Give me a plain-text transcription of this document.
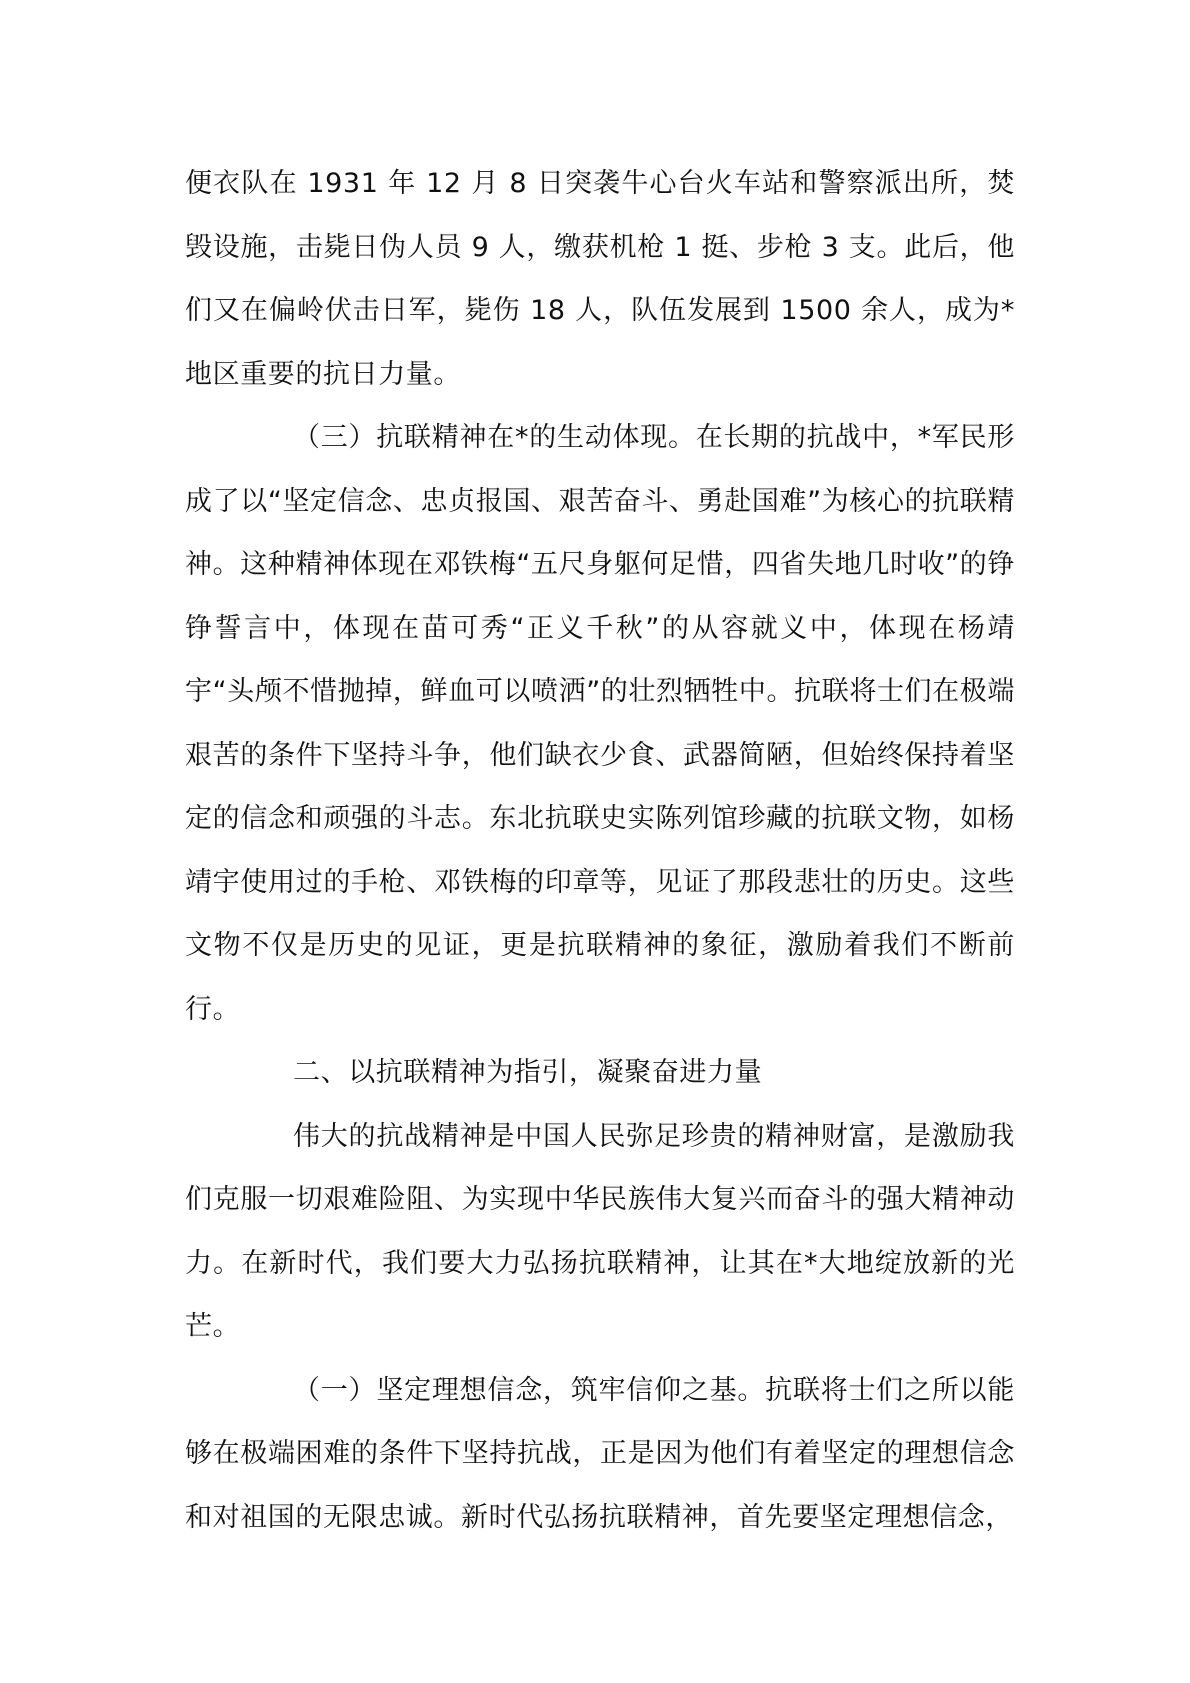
便衣队在 1931 年 12 月 8 日突袭牛心台火车站和警察派出所，焚毁设施，击毙日伪人员 9 人，缴获机枪 1 挺、步枪 3 支。此后，他们又在偏岭伏击日军，毙伤 18 人，队伍发展到 1500 余人，成为*地区重要的抗日力量。

（三）抗联精神在*的生动体现。在长期的抗战中，*军民形成了以“坚定信念、忠贞报国、艰苦奋斗、勇赴国难”为核心的抗联精神。这种精神体现在邓铁梅“五尺身躯何足惜，四省失地几时收”的铮铮誓言中，体现在苗可秀“正义千秋”的从容就义中，体现在杨靖宇“头颅不惜抛掉，鲜血可以喷洒”的壮烈牺牲中。抗联将士们在极端艰苦的条件下坚持斗争，他们缺衣少食、武器简陋，但始终保持着坚定的信念和顽强的斗志。东北抗联史实陈列馆珍藏的抗联文物，如杨靖宇使用过的手枪、邓铁梅的印章等，见证了那段悲壮的历史。这些文物不仅是历史的见证，更是抗联精神的象征，激励着我们不断前行。

二、以抗联精神为指引，凝聚奋进力量

伟大的抗战精神是中国人民弥足珍贵的精神财富，是激励我们克服一切艰难险阻、为实现中华民族伟大复兴而奋斗的强大精神动力。在新时代，我们要大力弘扬抗联精神，让其在*大地绽放新的光芒。

（一）坚定理想信念，筑牢信仰之基。抗联将士们之所以能够在极端困难的条件下坚持抗战，正是因为他们有着坚定的理想信念和对祖国的无限忠诚。新时代弘扬抗联精神，首先要坚定理想信念，
